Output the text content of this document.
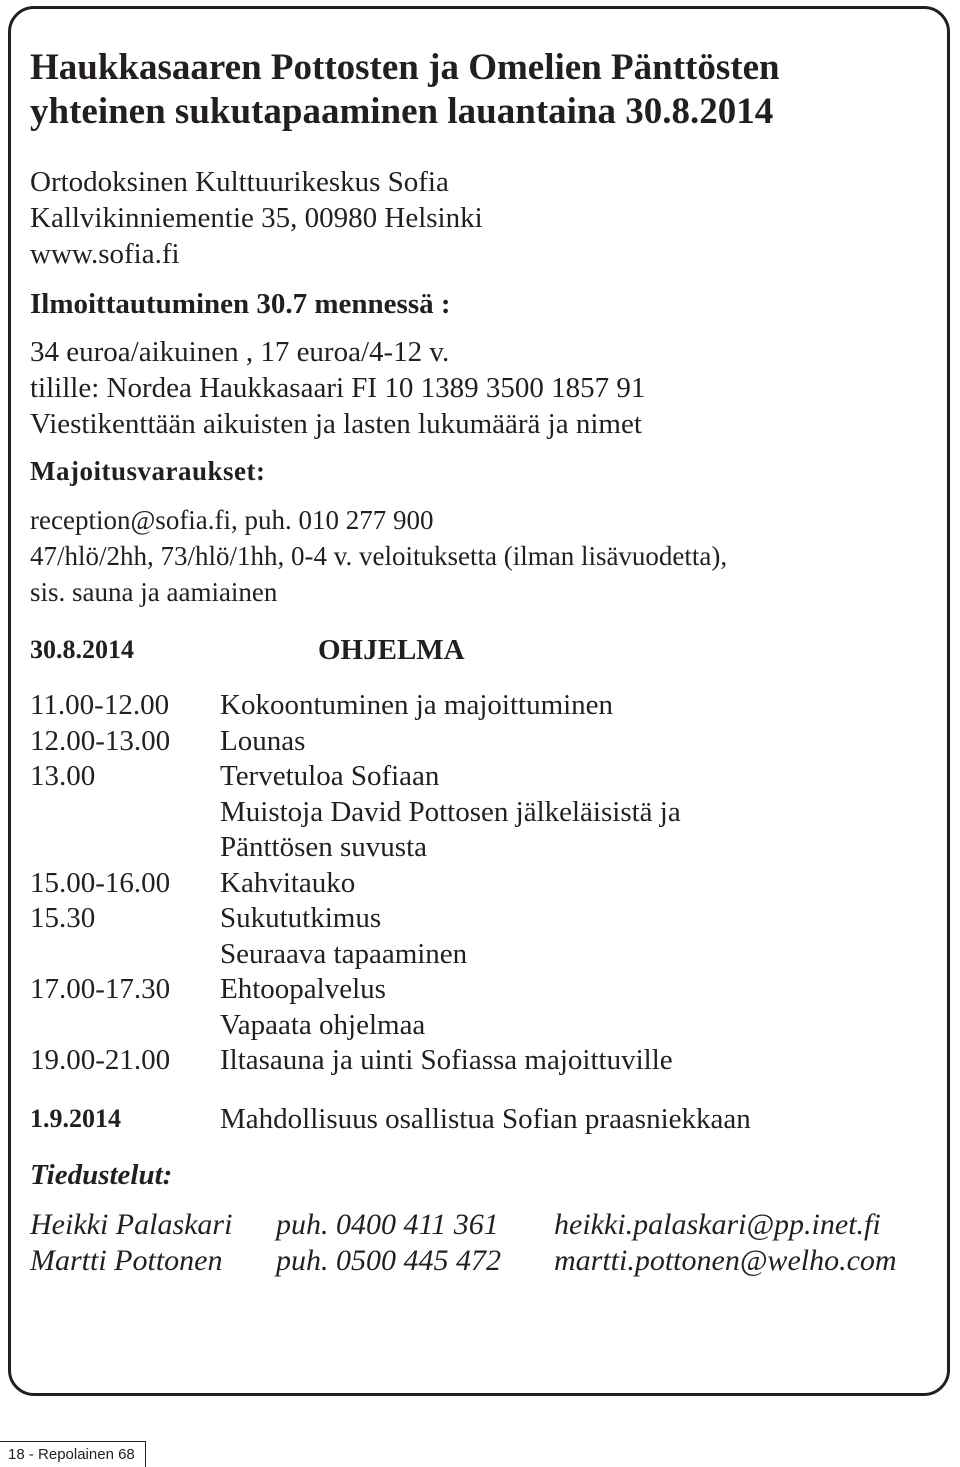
Haukkasaaren Pottosten ja Omelien Pänttösten
yhteinen sukutapaaminen lauantaina 30.8.2014
Ortodoksinen Kulttuurikeskus Sofia
Kallvikinniementie 35, 00980 Helsinki
www.sofia.fi
Ilmoittautuminen 30.7 mennessä :
34 euroa/aikuinen , 17 euroa/4-12 v.
tilille: Nordea Haukkasaari FI 10 1389 3500 1857 91
Viestikenttään aikuisten ja lasten lukumäärä ja nimet
Majoitusvaraukset:
reception@sofia.fi, puh. 010 277 900
47/hlö/2hh, 73/hlö/1hh, 0-4 v. veloituksetta (ilman lisävuodetta),
sis. sauna ja aamiainen
30.8.2014	OHJELMA
11.00-12.00	Kokoontuminen ja majoittuminen
12.00-13.00	Lounas
13.00	Tervetuloa Sofiaan
Muistoja David Pottosen jälkeläisistä ja
Pänttösen suvusta
15.00-16.00	Kahvitauko
15.30	Sukututkimus
Seuraava tapaaminen
17.00-17.30	Ehtoopalvelus
Vapaata ohjelmaa
19.00-21.00	Iltasauna ja uinti Sofiassa majoittuville
1.9.2014	Mahdollisuus osallistua Sofian praasniekkaan
Tiedustelut:
Heikki Palaskari	puh. 0400 411 361	heikki.palaskari@pp.inet.fi
Martti Pottonen	puh. 0500 445 472	martti.pottonen@welho.com
18 - Repolainen 68
